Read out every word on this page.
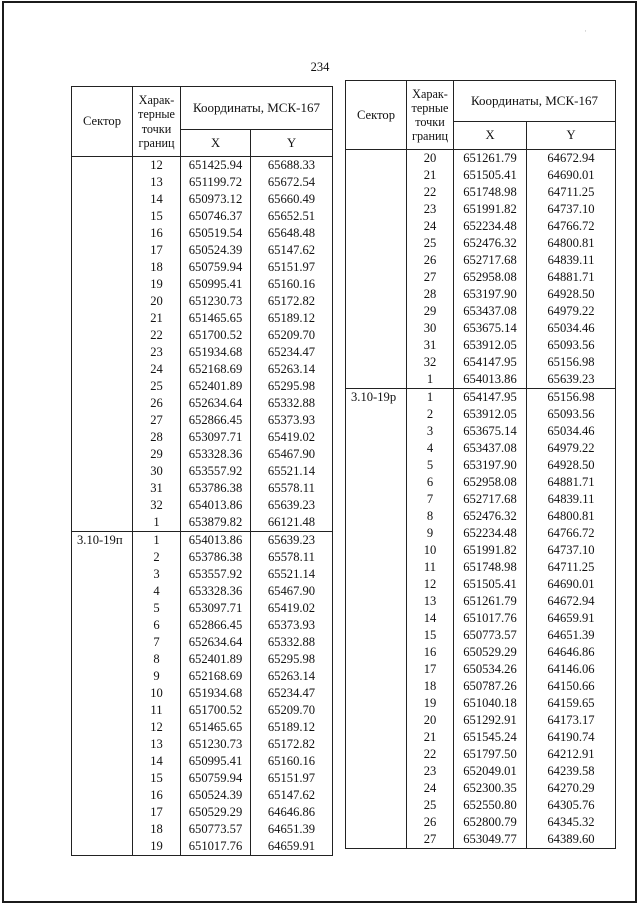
·
234
Сектор	Харак-терные точки границ	Координаты, МСК-167	
		X	Y
	12	651425.94	65688.33
	13	651199.72	65672.54
	14	650973.12	65660.49
	15	650746.37	65652.51
	16	650519.54	65648.48
	17	650524.39	65147.62
	18	650759.94	65151.97
	19	650995.41	65160.16
	20	651230.73	65172.82
	21	651465.65	65189.12
	22	651700.52	65209.70
	23	651934.68	65234.47
	24	652168.69	65263.14
	25	652401.89	65295.98
	26	652634.64	65332.88
	27	652866.45	65373.93
	28	653097.71	65419.02
	29	653328.36	65467.90
	30	653557.92	65521.14
	31	653786.38	65578.11
	32	654013.86	65639.23
	1	653879.82	66121.48
3.10-19п	1	654013.86	65639.23
	2	653786.38	65578.11
	3	653557.92	65521.14
	4	653328.36	65467.90
	5	653097.71	65419.02
	6	652866.45	65373.93
	7	652634.64	65332.88
	8	652401.89	65295.98
	9	652168.69	65263.14
	10	651934.68	65234.47
	11	651700.52	65209.70
	12	651465.65	65189.12
	13	651230.73	65172.82
	14	650995.41	65160.16
	15	650759.94	65151.97
	16	650524.39	65147.62
	17	650529.29	64646.86
	18	650773.57	64651.39
	19	651017.76	64659.91
Сектор	Харак-терные точки границ	Координаты, МСК-167	
		X	Y
	20	651261.79	64672.94
	21	651505.41	64690.01
	22	651748.98	64711.25
	23	651991.82	64737.10
	24	652234.48	64766.72
	25	652476.32	64800.81
	26	652717.68	64839.11
	27	652958.08	64881.71
	28	653197.90	64928.50
	29	653437.08	64979.22
	30	653675.14	65034.46
	31	653912.05	65093.56
	32	654147.95	65156.98
	1	654013.86	65639.23
3.10-19р	1	654147.95	65156.98
	2	653912.05	65093.56
	3	653675.14	65034.46
	4	653437.08	64979.22
	5	653197.90	64928.50
	6	652958.08	64881.71
	7	652717.68	64839.11
	8	652476.32	64800.81
	9	652234.48	64766.72
	10	651991.82	64737.10
	11	651748.98	64711.25
	12	651505.41	64690.01
	13	651261.79	64672.94
	14	651017.76	64659.91
	15	650773.57	64651.39
	16	650529.29	64646.86
	17	650534.26	64146.06
	18	650787.26	64150.66
	19	651040.18	64159.65
	20	651292.91	64173.17
	21	651545.24	64190.74
	22	651797.50	64212.91
	23	652049.01	64239.58
	24	652300.35	64270.29
	25	652550.80	64305.76
	26	652800.79	64345.32
	27	653049.77	64389.60
